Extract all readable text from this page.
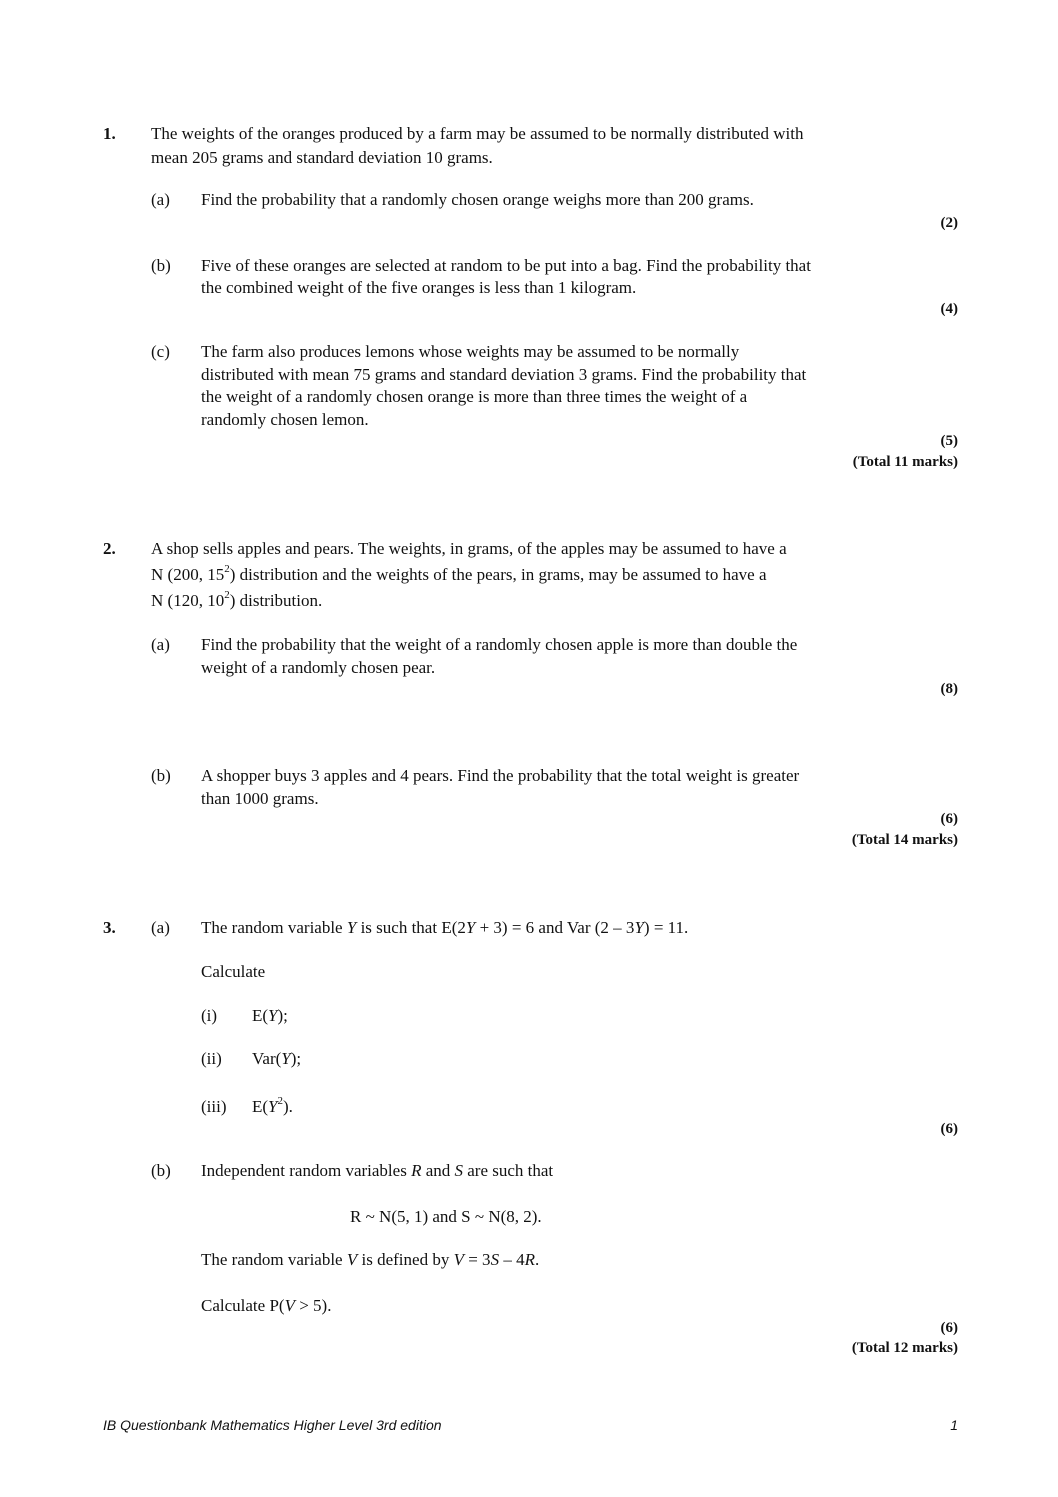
1. The weights of the oranges produced by a farm may be assumed to be normally distributed with
mean 205 grams and standard deviation 10 grams.
(a) Find the probability that a randomly chosen orange weighs more than 200 grams.
(2)
(b) Five of these oranges are selected at random to be put into a bag. Find the probability that
the combined weight of the five oranges is less than 1 kilogram.
(4)
(c) The farm also produces lemons whose weights may be assumed to be normally
distributed with mean 75 grams and standard deviation 3 grams. Find the probability that
the weight of a randomly chosen orange is more than three times the weight of a
randomly chosen lemon.
(5)
(Total 11 marks)
2. A shop sells apples and pears. The weights, in grams, of the apples may be assumed to have a
N (200, $15^2$) distribution and the weights of the pears, in grams, may be assumed to have a
N (120, $10^2$) distribution.
(a) Find the probability that the weight of a randomly chosen apple is more than double the
weight of a randomly chosen pear.
(8)
(b) A shopper buys 3 apples and 4 pears. Find the probability that the total weight is greater
than 1000 grams.
(6)
(Total 14 marks)
3. (a) The random variable Y is such that E(2Y + 3) = 6 and Var (2 – 3Y) = 11.
Calculate
(i) E(Y);
(ii) Var(Y);
(iii) $E(Y^2)$.
(6)
(b) Independent random variables R and S are such that
R ~ N(5, 1) and S ~ N(8, 2).
The random variable V is defined by V = 3S – 4R.
Calculate P(V > 5).
(6)
(Total 12 marks)
IB Questionbank Mathematics Higher Level 3rd edition	1
